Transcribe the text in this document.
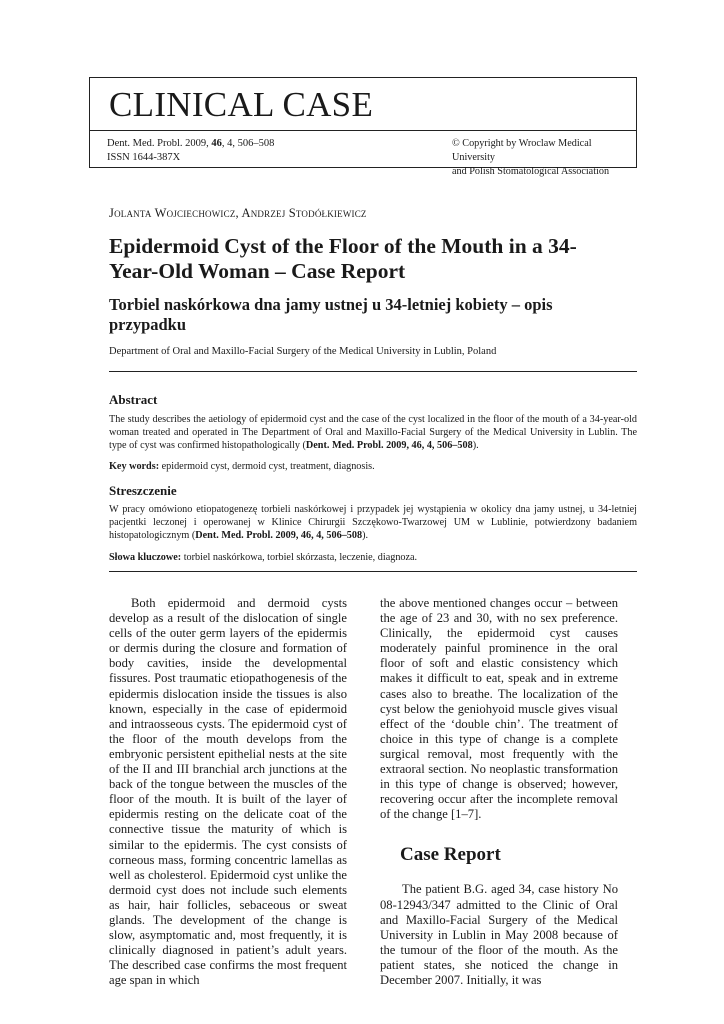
CLINICAL CASE
Dent. Med. Probl. 2009, 46, 4, 506–508
ISSN 1644-387X
© Copyright by Wroclaw Medical University
and Polish Stomatological Association
Jolanta Wojciechowicz, Andrzej Stodółkiewicz
Epidermoid Cyst of the Floor of the Mouth in a 34-Year-Old Woman – Case Report
Torbiel naskórkowa dna jamy ustnej u 34-letniej kobiety – opis przypadku
Department of Oral and Maxillo-Facial Surgery of the Medical University in Lublin, Poland
Abstract
The study describes the aetiology of epidermoid cyst and the case of the cyst localized in the floor of the mouth of a 34-year-old woman treated and operated in The Department of Oral and Maxillo-Facial Surgery of the Medical University in Lublin. The type of cyst was confirmed histopathologically (Dent. Med. Probl. 2009, 46, 4, 506–508).
Key words: epidermoid cyst, dermoid cyst, treatment, diagnosis.
Streszczenie
W pracy omówiono etiopatogenezę torbieli naskórkowej i przypadek jej wystąpienia w okolicy dna jamy ustnej, u 34-letniej pacjentki leczonej i operowanej w Klinice Chirurgii Szczękowo-Twarzowej UM w Lublinie, potwierdzony badaniem histopatologicznym (Dent. Med. Probl. 2009, 46, 4, 506–508).
Słowa kluczowe: torbiel naskórkowa, torbiel skórzasta, leczenie, diagnoza.

Both epidermoid and dermoid cysts develop as a result of the dislocation of single cells of the outer germ layers of the epidermis or dermis during the closure and formation of body cavities, inside the developmental fissures. Post traumatic etiopathogenesis of the epidermis dislocation inside the tissues is also known, especially in the case of epidermoid and intraosseous cysts. The epidermoid cyst of the floor of the mouth develops from the embryonic persistent epithelial nests at the site of the II and III branchial arch junctions at the back of the tongue between the muscles of the floor of the mouth. It is built of the layer of epidermis resting on the delicate coat of the connective tissue the maturity of which is similar to the epidermis. The cyst consists of corneous mass, forming concentric lamellas as well as cholesterol. Epidermoid cyst unlike the dermoid cyst does not include such elements as hair, hair follicles, sebaceous or sweat glands. The development of the change is slow, asymptomatic and, most frequently, it is clinically diagnosed in patient’s adult years. The described case confirms the most frequent age span in which

the above mentioned changes occur – between the age of 23 and 30, with no sex preference. Clinically, the epidermoid cyst causes moderately painful prominence in the oral floor of soft and elastic consistency which makes it difficult to eat, speak and in extreme cases also to breathe. The localization of the cyst below the geniohyoid muscle gives visual effect of the ‘double chin’. The treatment of choice in this type of change is a complete surgical removal, most frequently with the extraoral section. No neoplastic transformation in this type of change is observed; however, recovering occur after the incomplete removal of the change [1–7].

Case Report

The patient B.G. aged 34, case history No 08-12943/347 admitted to the Clinic of Oral and Maxillo-Facial Surgery of the Medical University in Lublin in May 2008 because of the tumour of the floor of the mouth. As the patient states, she noticed the change in December 2007. Initially, it was
